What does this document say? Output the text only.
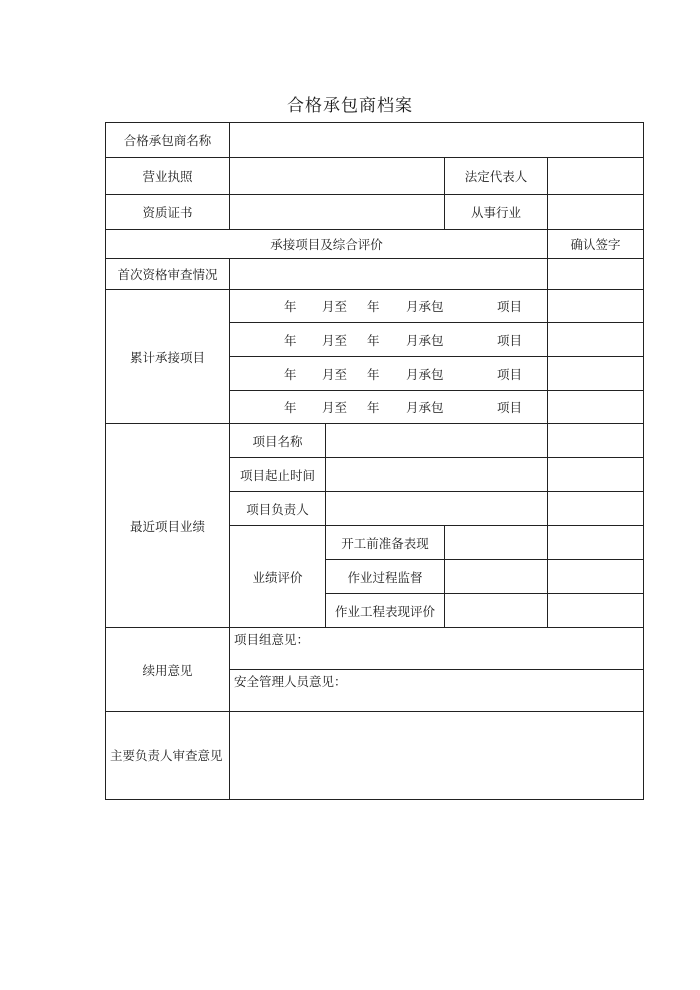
合格承包商档案
合格承包商名称				
营业执照			法定代表人	
资质证书			从事行业	
承接项目及综合评价				确认签字
首次资格审查情况				
累计承接项目	年 月至 年 月承包 项目			

	年 月至 年 月承包 项目			

	年 月至 年 月承包 项目			

	年 月至 年 月承包 项目			

最近项目业绩	项目名称			
	项目起止时间			
	项目负责人			
	业绩评价	开工前准备表现		
		作业过程监督		
		作业工程表现评价		
续用意见	项目组意见：			
	安全管理人员意见：			
主要负责人审查意见				
